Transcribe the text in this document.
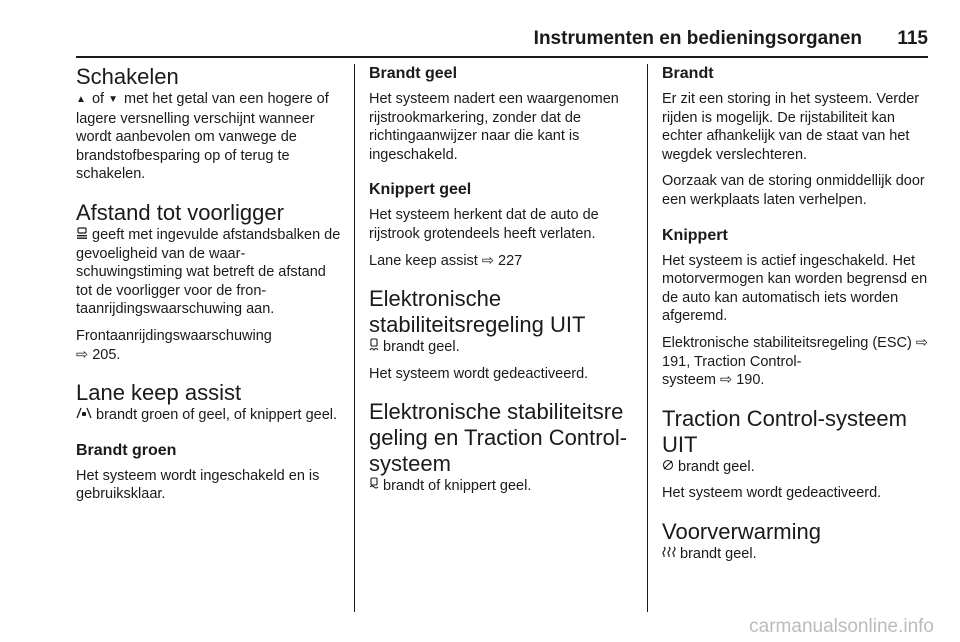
Instrumenten en bedieningsorganen 115
Schakelen

▲ of ▼ met het getal van een hogere of lagere versnelling verschijnt wanneer wordt aanbevolen om vanwege de brandstofbesparing op of terug te schakelen.

Afstand tot voorligger

geeft met ingevulde afstandsbalken de gevoeligheid van de waarschuwingstiming wat betreft de afstand tot de voorligger voor de frontaanrijdingswaarschuwing aan.

Frontaanrijdingswaarschuwing
⇨ 205.

Lane keep assist

brandt groen of geel, of knippert geel.

Brandt groen

Het systeem wordt ingeschakeld en is gebruiksklaar.

Brandt geel

Het systeem nadert een waargenomen rijstrookmarkering, zonder dat de richtingaanwijzer naar die kant is ingeschakeld.

Knippert geel

Het systeem herkent dat de auto de rijstrook grotendeels heeft verlaten.

Lane keep assist ⇨ 227

Elektronische
stabiliteitsregeling UIT

brandt geel.

Het systeem wordt gedeactiveerd.

Elektronische stabiliteitsre
geling en Traction Control-
systeem

brandt of knippert geel.

Brandt

Er zit een storing in het systeem. Verder rijden is mogelijk. De rijstabiliteit kan echter afhankelijk van de staat van het wegdek verslechteren.

Oorzaak van de storing onmiddellijk door een werkplaats laten verhelpen.

Knippert

Het systeem is actief ingeschakeld. Het motorvermogen kan worden begrensd en de auto kan automatisch iets worden afgeremd.

Elektronische stabiliteitsregeling (ESC) ⇨ 191, Traction Control-
systeem ⇨ 190.

Traction Control-systeem
UIT

brandt geel.

Het systeem wordt gedeactiveerd.

Voorverwarming

brandt geel.

carmanualsonline.info
